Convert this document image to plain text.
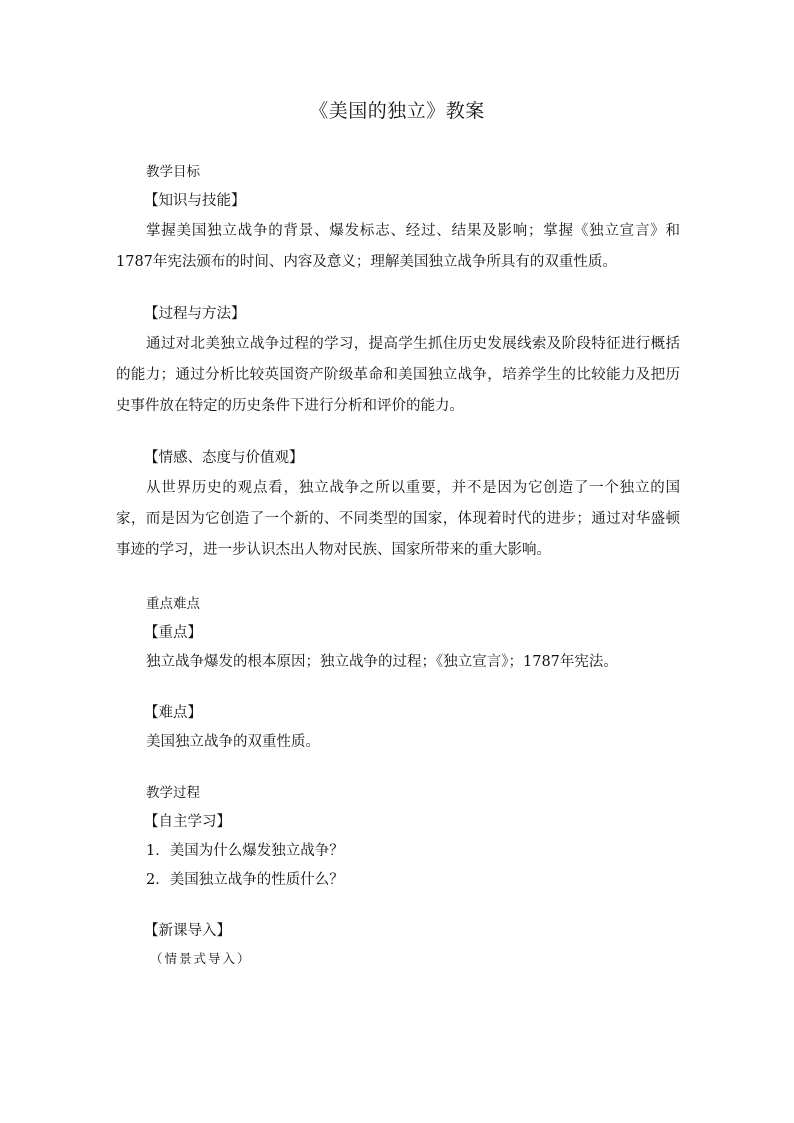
《美国的独立》教案
教学目标
【知识与技能】
掌握美国独立战争的背景、爆发标志、经过、结果及影响；掌握《独立宣言》和1787年宪法颁布的时间、内容及意义；理解美国独立战争所具有的双重性质。
【过程与方法】
通过对北美独立战争过程的学习，提高学生抓住历史发展线索及阶段特征进行概括的能力；通过分析比较英国资产阶级革命和美国独立战争，培养学生的比较能力及把历史事件放在特定的历史条件下进行分析和评价的能力。
【情感、态度与价值观】
从世界历史的观点看，独立战争之所以重要，并不是因为它创造了一个独立的国家，而是因为它创造了一个新的、不同类型的国家，体现着时代的进步；通过对华盛顿事迹的学习，进一步认识杰出人物对民族、国家所带来的重大影响。
重点难点
【重点】
独立战争爆发的根本原因；独立战争的过程；《独立宣言》；1787年宪法。
【难点】
美国独立战争的双重性质。
教学过程
【自主学习】
1．美国为什么爆发独立战争？
2．美国独立战争的性质什么？
【新课导入】
（情景式导入）
